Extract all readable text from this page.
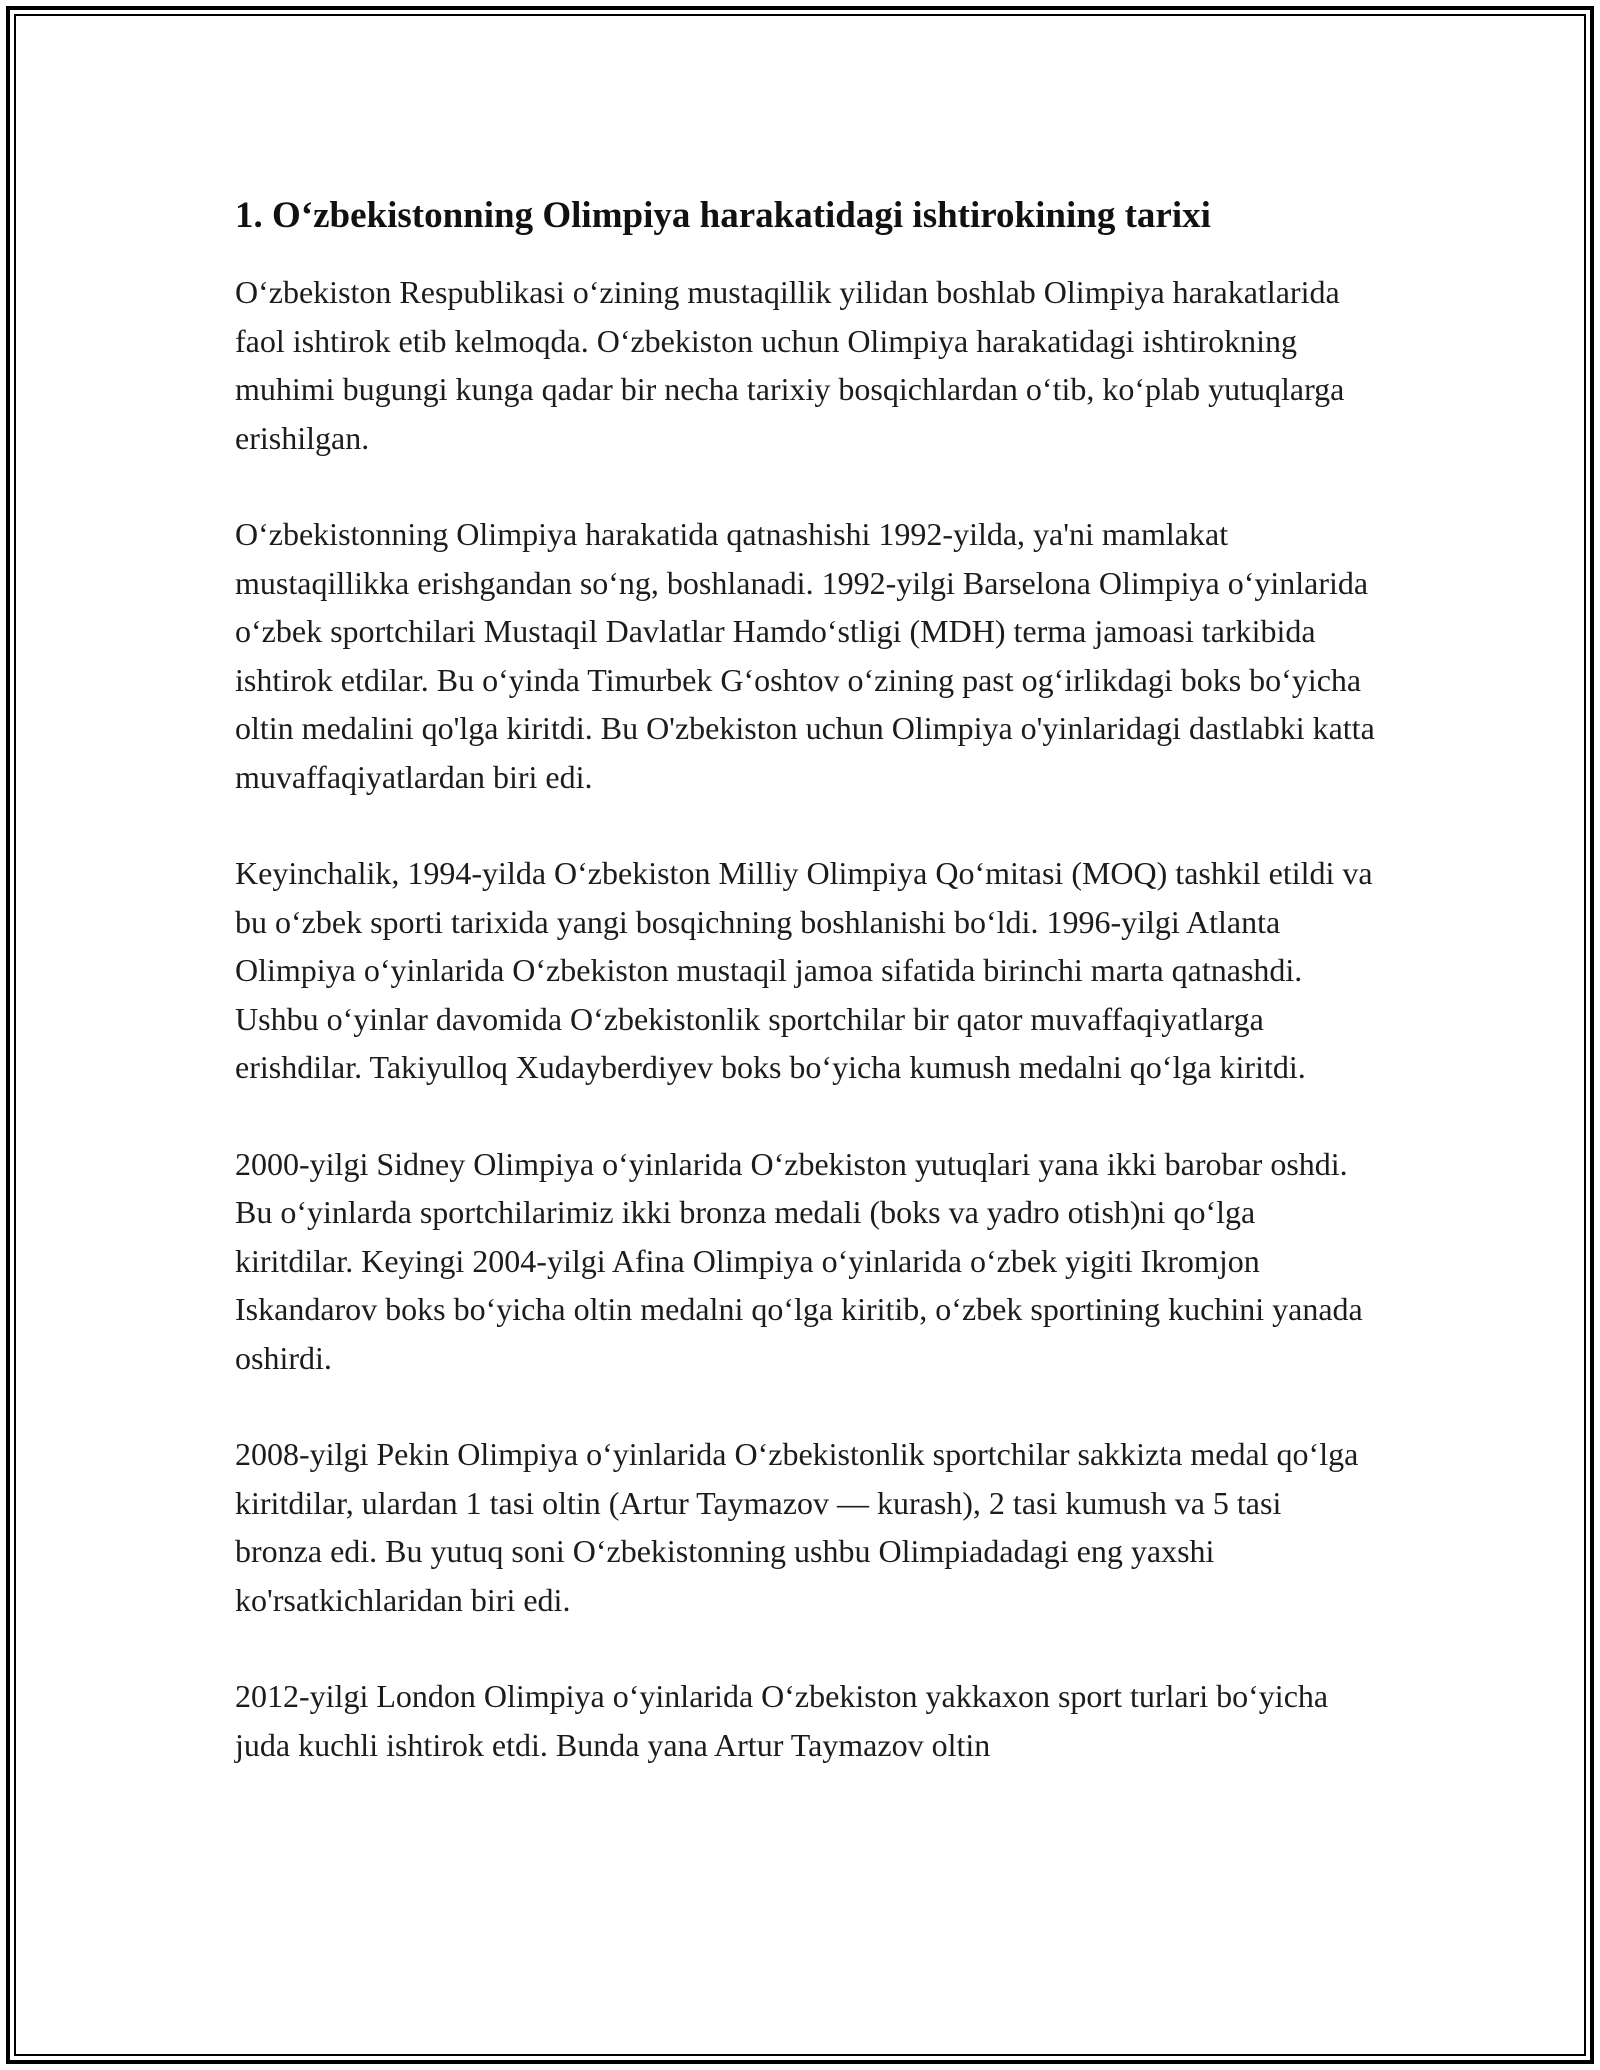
1. O‘zbekistonning Olimpiya harakatidagi ishtirokining tarixi

O‘zbekiston Respublikasi o‘zining mustaqillik yilidan boshlab Olimpiya harakatlarida faol ishtirok etib kelmoqda. O‘zbekiston uchun Olimpiya harakatidagi ishtirokning muhimi bugungi kunga qadar bir necha tarixiy bosqichlardan o‘tib, ko‘plab yutuqlarga erishilgan.

O‘zbekistonning Olimpiya harakatida qatnashishi 1992-yilda, ya'ni mamlakat mustaqillikka erishgandan so‘ng, boshlanadi. 1992-yilgi Barselona Olimpiya o‘yinlarida o‘zbek sportchilari Mustaqil Davlatlar Hamdo‘stligi (MDH) terma jamoasi tarkibida ishtirok etdilar. Bu o‘yinda Timurbek G‘oshtov o‘zining past og‘irlikdagi boks bo‘yicha oltin medalini qo'lga kiritdi. Bu O'zbekiston uchun Olimpiya o'yinlaridagi dastlabki katta muvaffaqiyatlardan biri edi.

Keyinchalik, 1994-yilda O‘zbekiston Milliy Olimpiya Qo‘mitasi (MOQ) tashkil etildi va bu o‘zbek sporti tarixida yangi bosqichning boshlanishi bo‘ldi. 1996-yilgi Atlanta Olimpiya o‘yinlarida O‘zbekiston mustaqil jamoa sifatida birinchi marta qatnashdi. Ushbu o‘yinlar davomida O‘zbekistonlik sportchilar bir qator muvaffaqiyatlarga erishdilar. Takiyulloq Xudayberdiyev boks bo‘yicha kumush medalni qo‘lga kiritdi.

2000-yilgi Sidney Olimpiya o‘yinlarida O‘zbekiston yutuqlari yana ikki barobar oshdi. Bu o‘yinlarda sportchilarimiz ikki bronza medali (boks va yadro otish)ni qo‘lga kiritdilar. Keyingi 2004-yilgi Afina Olimpiya o‘yinlarida o‘zbek yigiti Ikromjon Iskandarov boks bo‘yicha oltin medalni qo‘lga kiritib, o‘zbek sportining kuchini yanada oshirdi.

2008-yilgi Pekin Olimpiya o‘yinlarida O‘zbekistonlik sportchilar sakkizta medal qo‘lga kiritdilar, ulardan 1 tasi oltin (Artur Taymazov — kurash), 2 tasi kumush va 5 tasi bronza edi. Bu yutuq soni O‘zbekistonning ushbu Olimpiadadagi eng yaxshi ko'rsatkichlaridan biri edi.

2012-yilgi London Olimpiya o‘yinlarida O‘zbekiston yakkaxon sport turlari bo‘yicha juda kuchli ishtirok etdi. Bunda yana Artur Taymazov oltin
